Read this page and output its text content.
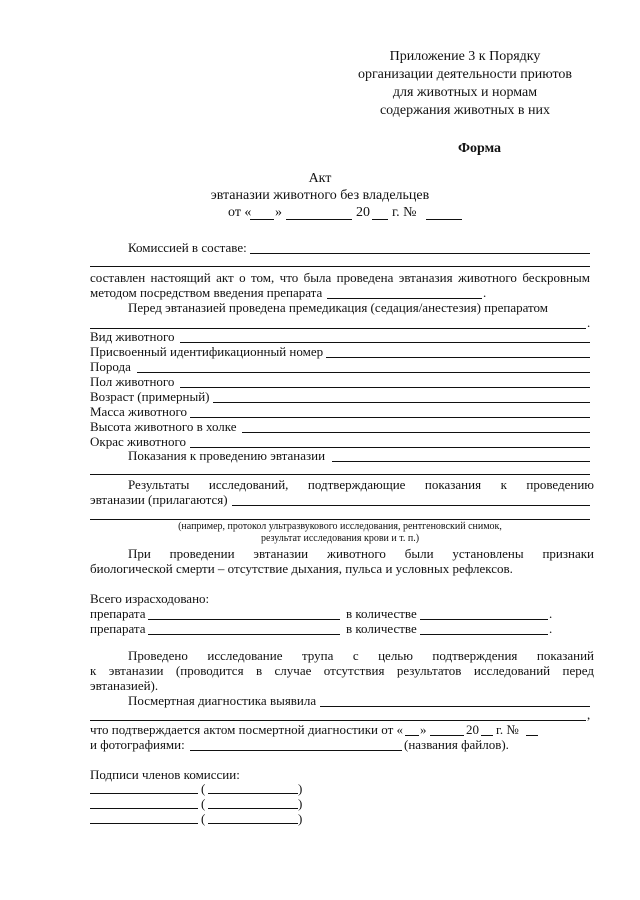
Приложение 3 к Порядку
организации деятельности приютов
для животных и нормам
содержания животных в них
Форма
Акт
эвтаназии животного без владельцев
от « »	20 г. №
Комиссией в составе:
составлен настоящий акт о том, что была проведена эвтаназия животного бескровным
методом посредством введения препарата	.
Перед эвтаназией проведена премедикация (седация/анестезия) препаратом
.
Вид животного
Присвоенный идентификационный номер
Порода
Пол животного
Возраст (примерный)
Масса животного
Высота животного в холке
Окрас животного
Показания к проведению эвтаназии
Результаты исследований, подтверждающие показания к проведению
эвтаназии (прилагаются)
(например, протокол ультразвукового исследования, рентгеновский снимок,
результат исследования крови и т. п.)
При проведении эвтаназии животного были установлены признаки
биологической смерти – отсутствие дыхания, пульса и условных рефлексов.
Всего израсходовано:
препарата	в количестве	.
препарата	в количестве	.
Проведено исследование трупа с целью подтверждения показаний
к эвтаназии (проводится в случае отсутствия результатов исследований перед
эвтаназией).
Посмертная диагностика выявила
,
что подтверждается актом посмертной диагностики от « »	20 г. №
и фотографиями:	(названия файлов).
Подписи членов комиссии:
(	)
(	)
(	)
